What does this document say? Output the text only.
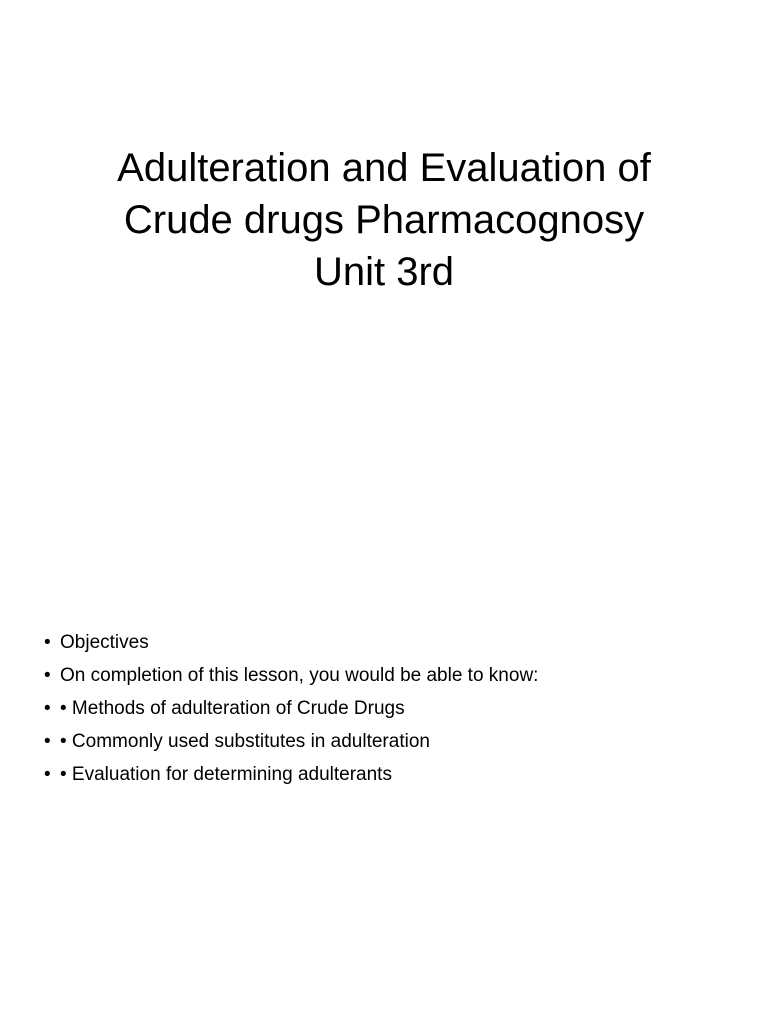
Adulteration and Evaluation of
Crude drugs Pharmacognosy
Unit 3rd
• Objectives
• On completion of this lesson, you would be able to know:
• • Methods of adulteration of Crude Drugs
• • Commonly used substitutes in adulteration
• • Evaluation for determining adulterants
